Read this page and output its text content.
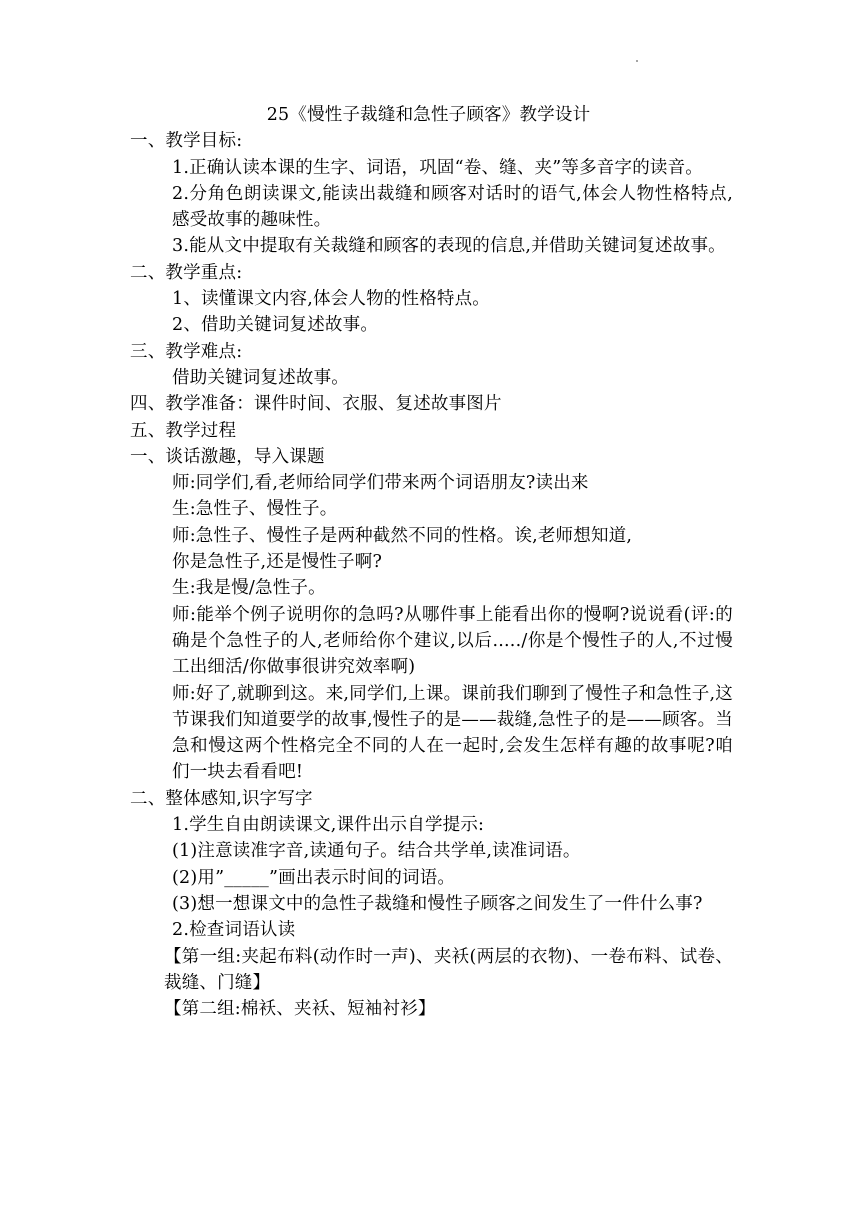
25《慢性子裁缝和急性子顾客》教学设计
一、教学目标:
1.正确认读本课的生字、词语，巩固“卷、缝、夹”等多音字的读音。
2.分角色朗读课文,能读出裁缝和顾客对话时的语气,体会人物性格特点,感受故事的趣味性。
3.能从文中提取有关裁缝和顾客的表现的信息,并借助关键词复述故事。
二、教学重点:
1、读懂课文内容,体会人物的性格特点。
2、借助关键词复述故事。
三、教学难点:
借助关键词复述故事。
四、教学准备：课件时间、衣服、复述故事图片
五、教学过程
一、谈话激趣，导入课题
师:同学们,看,老师给同学们带来两个词语朋友?读出来
生:急性子、慢性子。
师:急性子、慢性子是两种截然不同的性格。诶,老师想知道,
你是急性子,还是慢性子啊?
生:我是慢/急性子。
师:能举个例子说明你的急吗?从哪件事上能看出你的慢啊?说说看(评:的确是个急性子的人,老师给你个建议,以后...../你是个慢性子的人,不过慢工出细活/你做事很讲究效率啊)
师:好了,就聊到这。来,同学们,上课。课前我们聊到了慢性子和急性子,这节课我们知道要学的故事,慢性子的是——裁缝,急性子的是——顾客。当急和慢这两个性格完全不同的人在一起时,会发生怎样有趣的故事呢?咱们一块去看看吧!
二、整体感知,识字写字
1.学生自由朗读课文,课件出示自学提示:
(1)注意读准字音,读通句子。结合共学单,读准词语。
(2)用”_____”画出表示时间的词语。
(3)想一想课文中的急性子裁缝和慢性子顾客之间发生了一件什么事?
2.检查词语认读
【第一组:夹起布料(动作时一声)、夹袄(两层的衣物)、一卷布料、试卷、裁缝、门缝】
【第二组:棉袄、夹袄、短袖衬衫】
